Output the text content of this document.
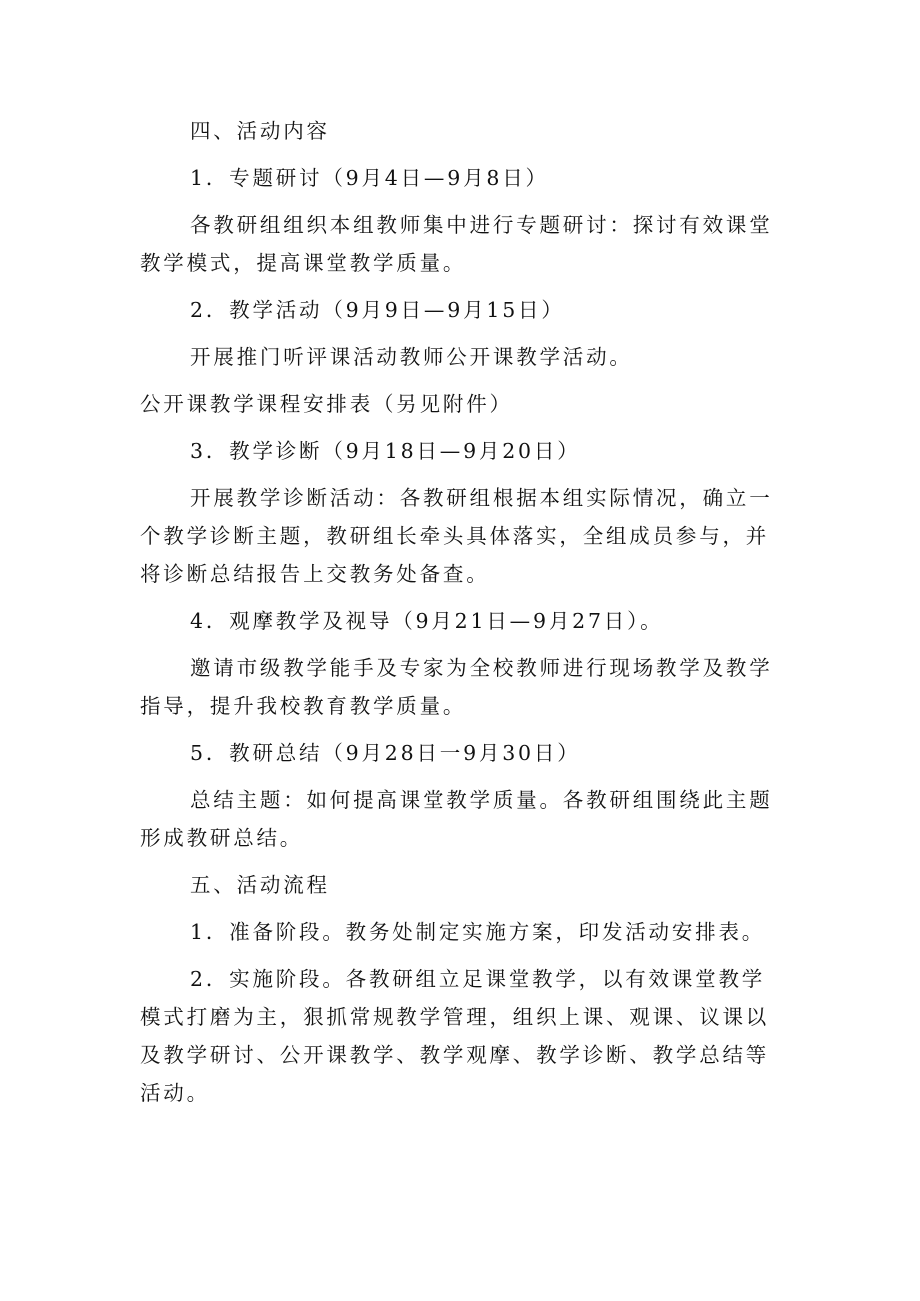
四、活动内容

1．专题研讨（9月4日—9月8日）

各教研组组织本组教师集中进行专题研讨：探讨有效课堂教学模式，提高课堂教学质量。

2．教学活动（9月9日—9月15日）

开展推门听评课活动教师公开课教学活动。

公开课教学课程安排表（另见附件）

3．教学诊断（9月18日—9月20日）

开展教学诊断活动：各教研组根据本组实际情况，确立一个教学诊断主题，教研组长牵头具体落实，全组成员参与，并将诊断总结报告上交教务处备查。

4．观摩教学及视导（9月21日—9月27日）。

邀请市级教学能手及专家为全校教师进行现场教学及教学指导，提升我校教育教学质量。

5．教研总结（9月28日一9月30日）

总结主题：如何提高课堂教学质量。各教研组围绕此主题形成教研总结。

五、活动流程

1．准备阶段。教务处制定实施方案，印发活动安排表。

2．实施阶段。各教研组立足课堂教学，以有效课堂教学模式打磨为主，狠抓常规教学管理，组织上课、观课、议课以及教学研讨、公开课教学、教学观摩、教学诊断、教学总结等活动。
